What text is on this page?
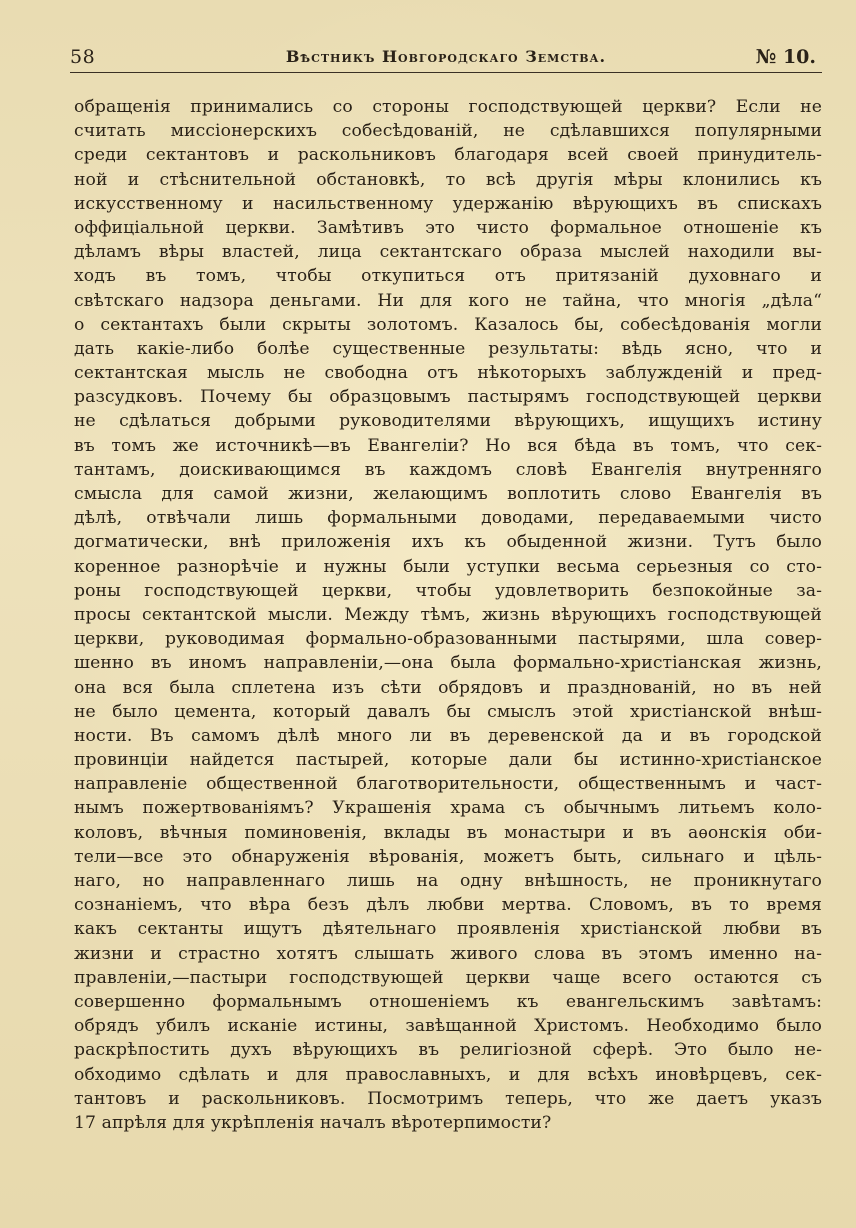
58	Вѣстникъ Новгородскаго Земства.	№ 10.
обращенія принимались со стороны господствующей церкви? Если не
считать миссіонерскихъ собесѣдованій, не сдѣлавшихся популярными
среди сектантовъ и раскольниковъ благодаря всей своей принудитель-
ной и стѣснительной обстановкѣ, то всѣ другія мѣры клонились къ
искусственному и насильственному удержанію вѣрующихъ въ спискахъ
оффиціальной церкви. Замѣтивъ это чисто формальное отношеніе къ
дѣламъ вѣры властей, лица сектантскаго образа мыслей находили вы-
ходъ въ томъ, чтобы откупиться отъ притязаній духовнаго и
свѣтскаго надзора деньгами. Ни для кого не тайна, что многія „дѣла“
о сектантахъ были скрыты золотомъ. Казалось бы, собесѣдованія могли
дать какіе-либо болѣе существенные результаты: вѣдь ясно, что и
сектантская мысль не свободна отъ нѣкоторыхъ заблужденій и пред-
разсудковъ. Почему бы образцовымъ пастырямъ господствующей церкви
не сдѣлаться добрыми руководителями вѣрующихъ, ищущихъ истину
въ томъ же источникѣ—въ Евангеліи? Но вся бѣда въ томъ, что сек-
тантамъ, доискивающимся въ каждомъ словѣ Евангелія внутренняго
смысла для самой жизни, желающимъ воплотить слово Евангелія въ
дѣлѣ, отвѣчали лишь формальными доводами, передаваемыми чисто
догматически, внѣ приложенія ихъ къ обыденной жизни. Тутъ было
коренное разнорѣчіе и нужны были уступки весьма серьезныя со сто-
роны господствующей церкви, чтобы удовлетворить безпокойные за-
просы сектантской мысли. Между тѣмъ, жизнь вѣрующихъ господствующей
церкви, руководимая формально-образованными пастырями, шла совер-
шенно въ иномъ направленіи,—она была формально-христіанская жизнь,
она вся была сплетена изъ сѣти обрядовъ и празднованій, но въ ней
не было цемента, который давалъ бы смыслъ этой христіанской внѣш-
ности. Въ самомъ дѣлѣ много ли въ деревенской да и въ городской
провинціи найдется пастырей, которые дали бы истинно-христіанское
направленіе общественной благотворительности, общественнымъ и част-
нымъ пожертвованіямъ? Украшенія храма съ обычнымъ литьемъ коло-
коловъ, вѣчныя поминовенія, вклады въ монастыри и въ аѳонскія оби-
тели—все это обнаруженія вѣрованія, можетъ быть, сильнаго и цѣль-
наго, но направленнаго лишь на одну внѣшность, не проникнутаго
сознаніемъ, что вѣра безъ дѣлъ любви мертва. Словомъ, въ то время
какъ сектанты ищутъ дѣятельнаго проявленія христіанской любви въ
жизни и страстно хотятъ слышать живого слова въ этомъ именно на-
правленіи,—пастыри господствующей церкви чаще всего остаются съ
совершенно формальнымъ отношеніемъ къ евангельскимъ завѣтамъ:
обрядъ убилъ исканіе истины, завѣщанной Христомъ. Необходимо было
раскрѣпостить духъ вѣрующихъ въ религіозной сферѣ. Это было не-
обходимо сдѣлать и для православныхъ, и для всѣхъ иновѣрцевъ, сек-
тантовъ и раскольниковъ. Посмотримъ теперь, что же даетъ указъ
17 апрѣля для укрѣпленія началъ вѣротерпимости?
